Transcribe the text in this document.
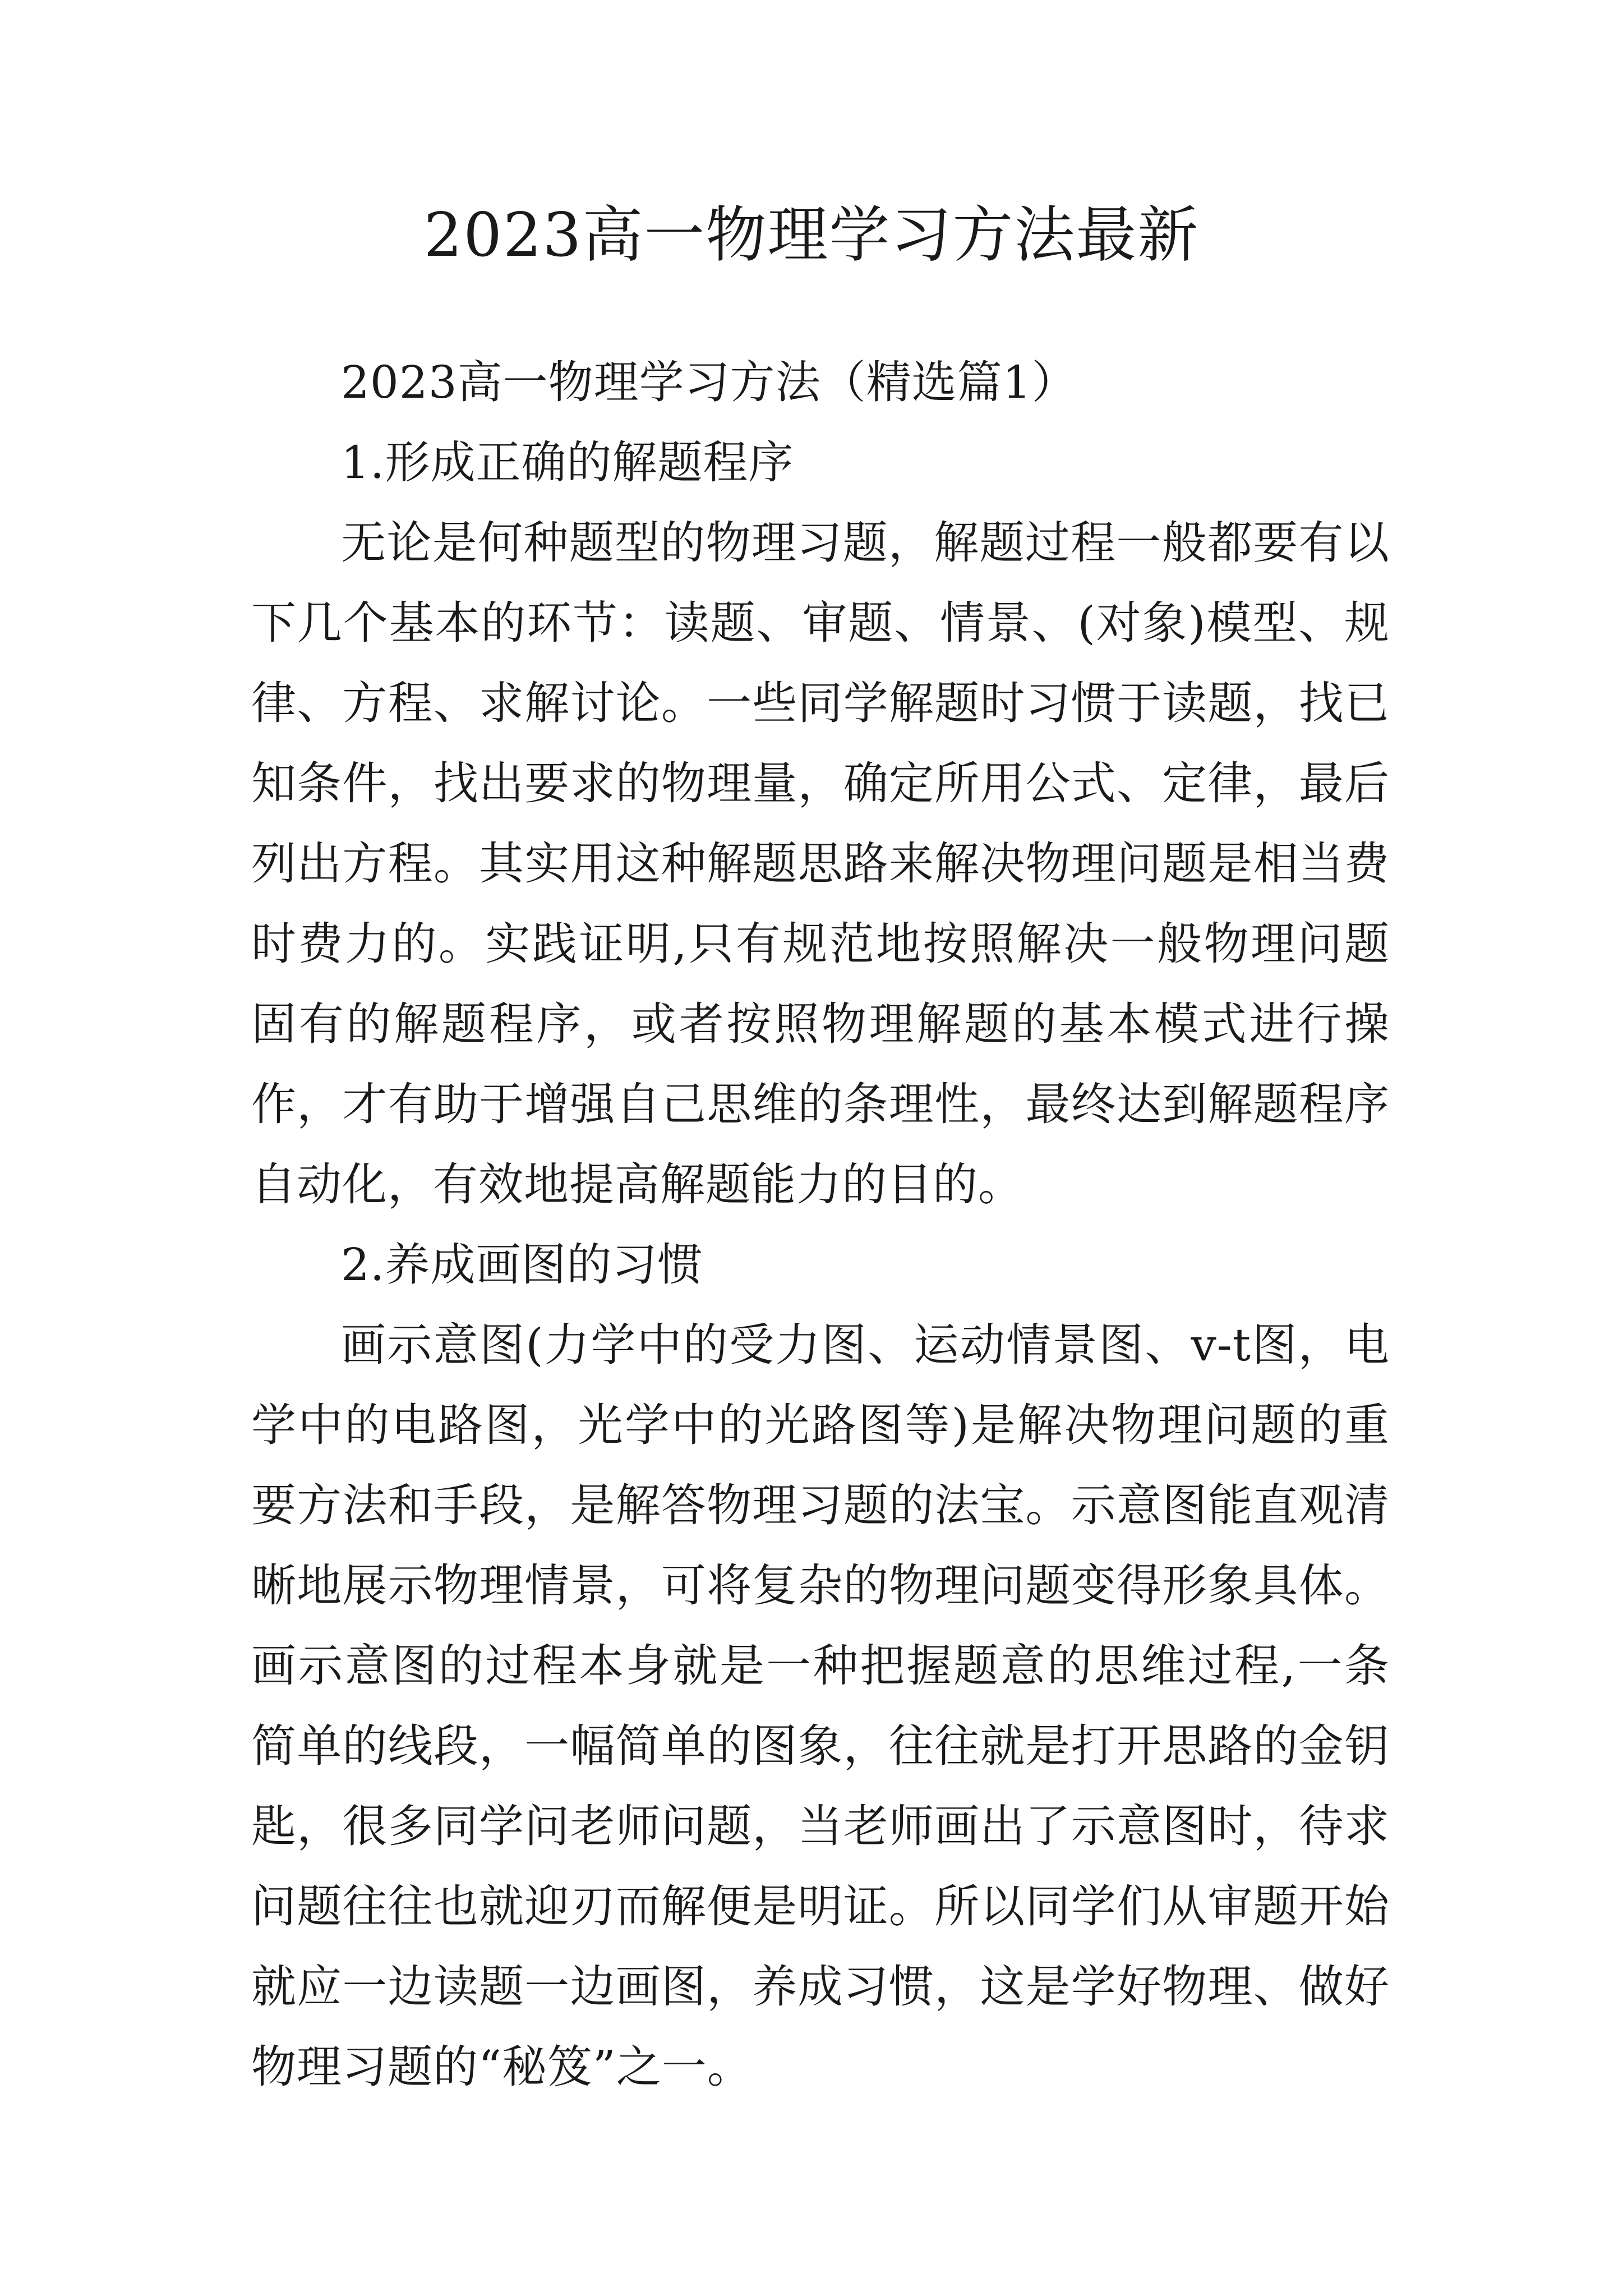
2023高一物理学习方法最新

2023高一物理学习方法（精选篇1）

1.形成正确的解题程序

无论是何种题型的物理习题，解题过程一般都要有以下几个基本的环节：读题、审题、情景、(对象)模型、规律、方程、求解讨论。一些同学解题时习惯于读题，找已知条件，找出要求的物理量，确定所用公式、定律，最后列出方程。其实用这种解题思路来解决物理问题是相当费时费力的。实践证明,只有规范地按照解决一般物理问题固有的解题程序，或者按照物理解题的基本模式进行操作，才有助于增强自己思维的条理性，最终达到解题程序自动化，有效地提高解题能力的目的。

2.养成画图的习惯

画示意图(力学中的受力图、运动情景图、v-t图，电学中的电路图，光学中的光路图等)是解决物理问题的重要方法和手段，是解答物理习题的法宝。示意图能直观清晰地展示物理情景，可将复杂的物理问题变得形象具体。画示意图的过程本身就是一种把握题意的思维过程,一条简单的线段，一幅简单的图象，往往就是打开思路的金钥匙，很多同学问老师问题，当老师画出了示意图时，待求问题往往也就迎刃而解便是明证。所以同学们从审题开始就应一边读题一边画图，养成习惯，这是学好物理、做好物理习题的“秘笈”之一。
